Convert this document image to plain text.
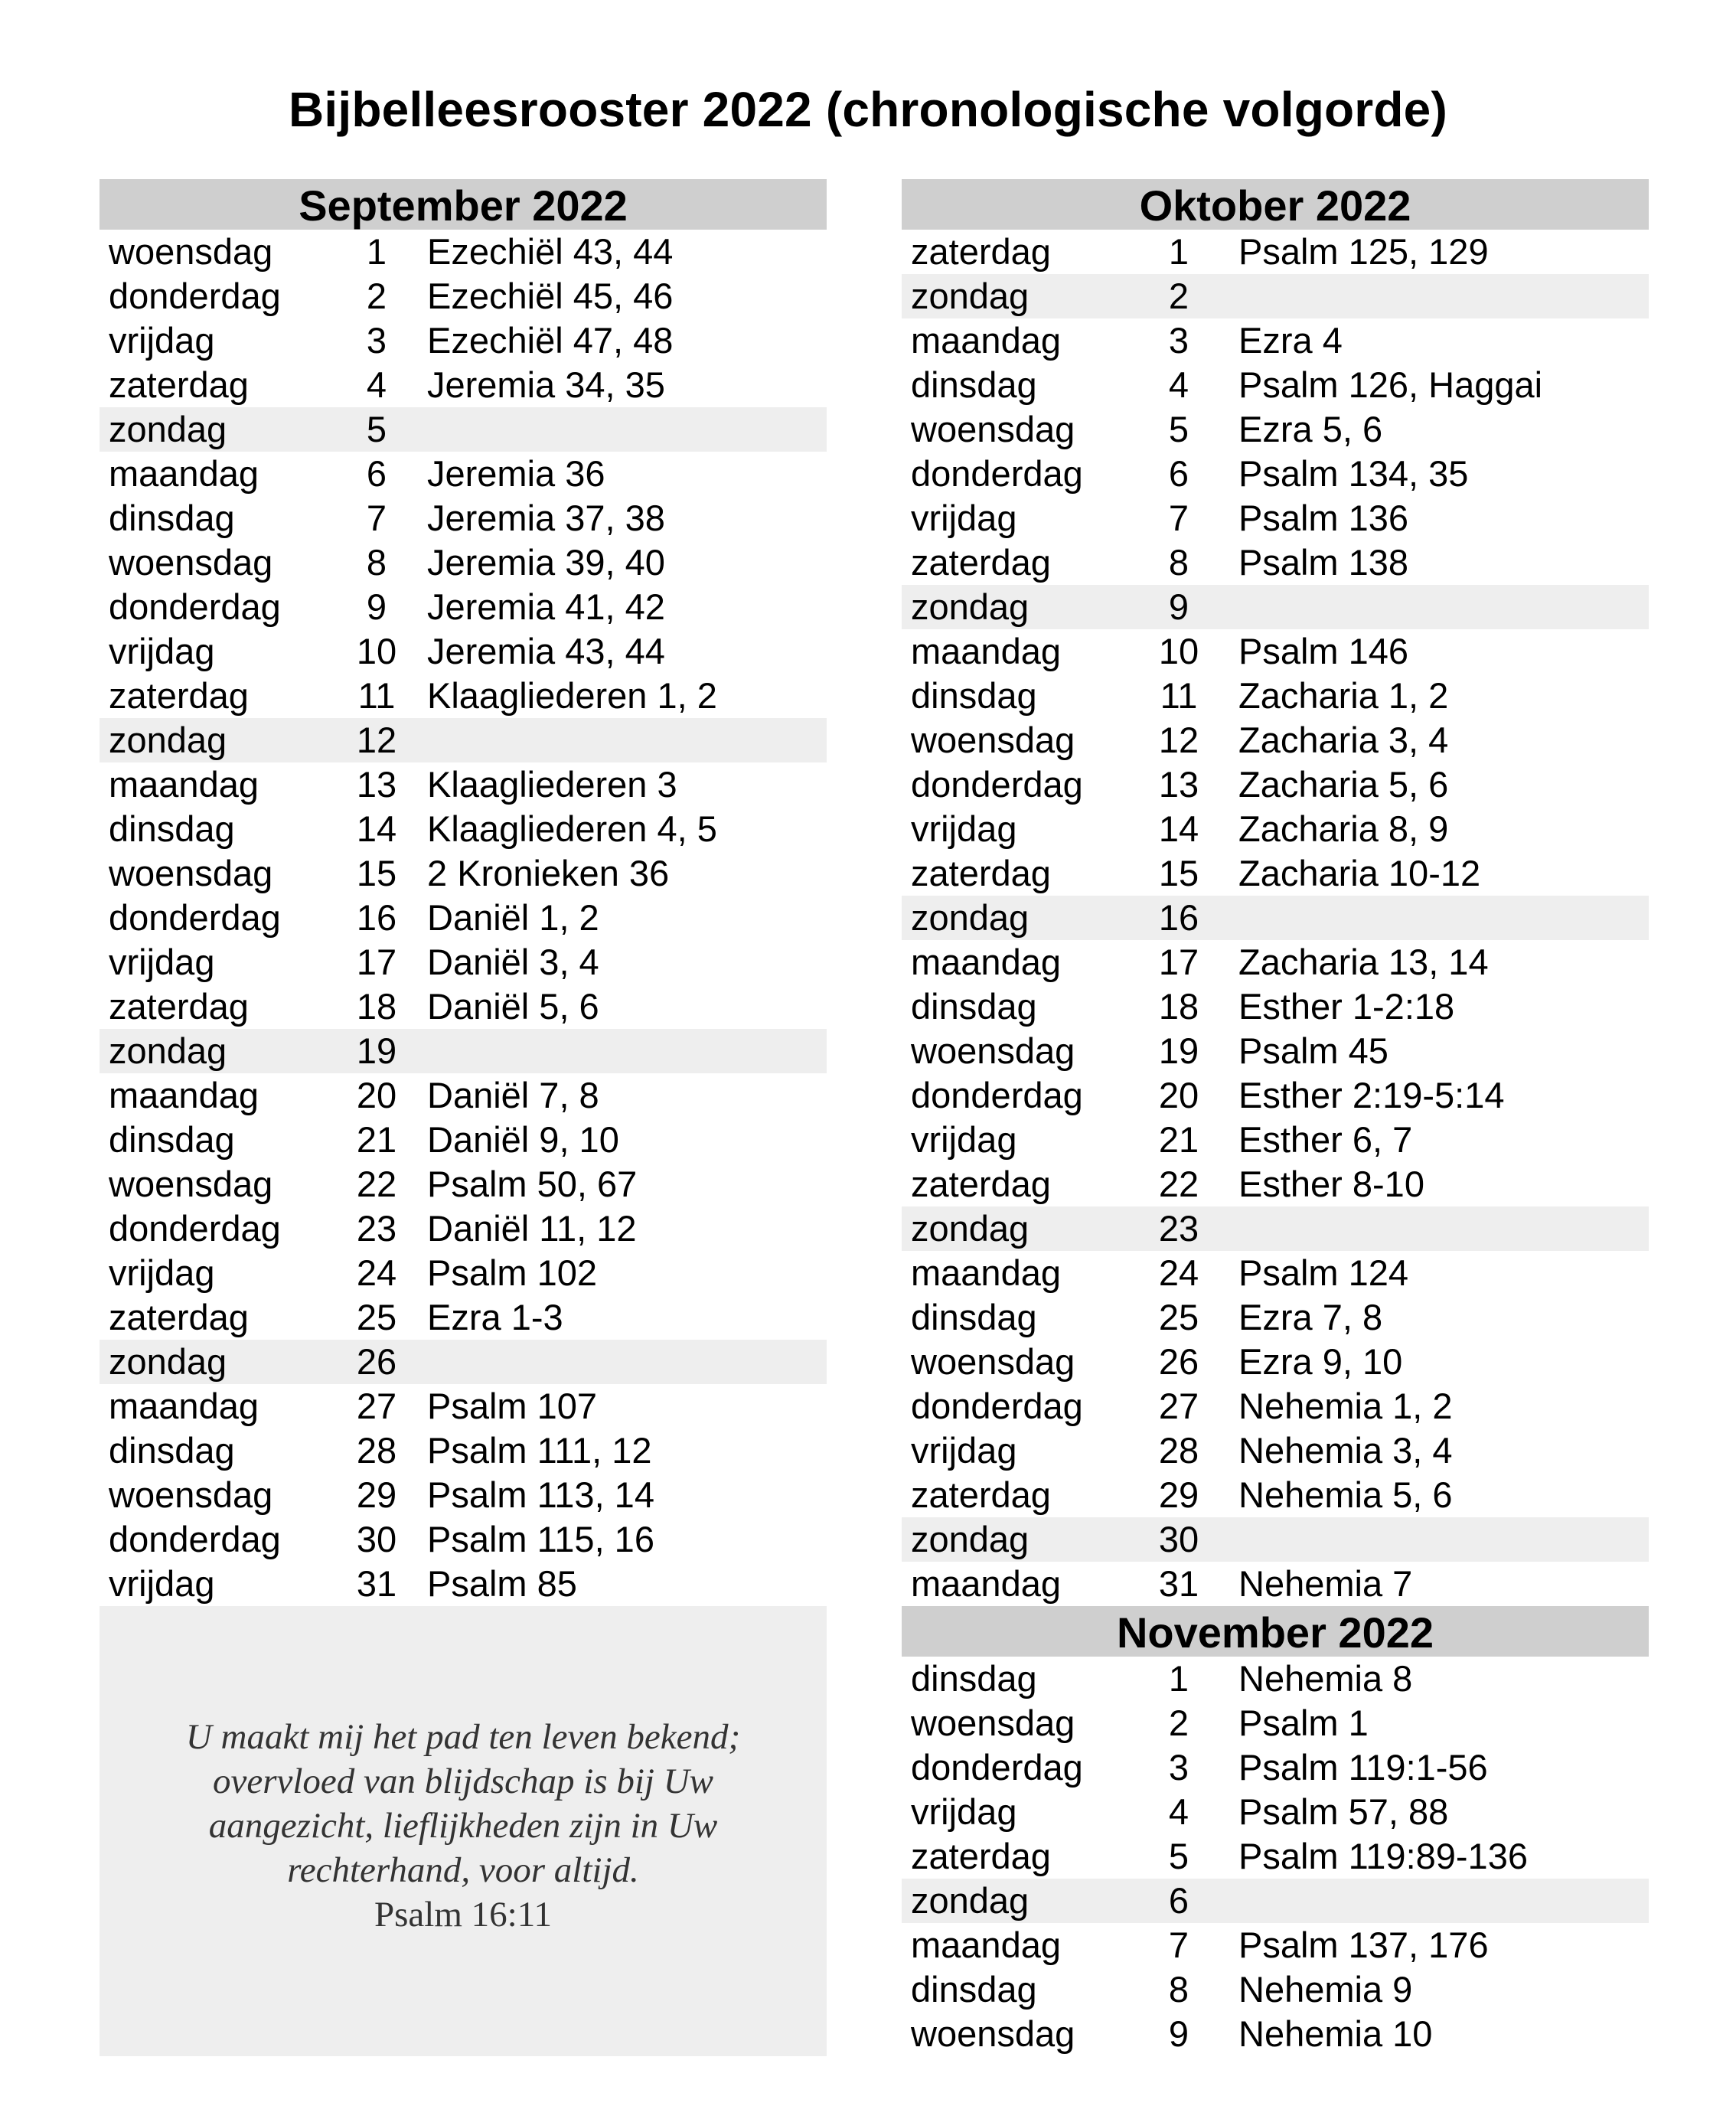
Bijbelleesrooster 2022 (chronologische volgorde)
September 2022
woensdag	1 Ezechiël 43, 44
donderdag 2 Ezechiël 45, 46
vrijdag	3 Ezechiël 47, 48
zaterdag	4 Jeremia 34, 35
zondag	5
maandag	6 Jeremia 36
dinsdag	7 Jeremia 37, 38
woensdag	8 Jeremia 39, 40
donderdag 9 Jeremia 41, 42
vrijdag	10 Jeremia 43, 44
zaterdag	11 Klaagliederen 1, 2
zondag	12
maandag	13 Klaagliederen 3
dinsdag	14 Klaagliederen 4, 5
woensdag 15 2 Kronieken 36
donderdag 16 Daniël 1, 2
vrijdag	17 Daniël 3, 4
zaterdag	18 Daniël 5, 6
zondag	19
maandag	20 Daniël 7, 8
dinsdag	21 Daniël 9, 10
woensdag 22 Psalm 50, 67
donderdag 23 Daniël 11, 12
vrijdag	24 Psalm 102
zaterdag	25 Ezra 1-3
zondag	26
maandag	27 Psalm 107
dinsdag	28 Psalm 111, 12
woensdag 29 Psalm 113, 14
donderdag 30 Psalm 115, 16
vrijdag	31 Psalm 85
Oktober 2022
zaterdag	1 Psalm 125, 129
zondag	2
maandag	3 Ezra 4
dinsdag	4 Psalm 126, Haggai
woensdag	5 Ezra 5, 6
donderdag 6 Psalm 134, 35
vrijdag	7 Psalm 136
zaterdag	8 Psalm 138
zondag	9
maandag	10 Psalm 146
dinsdag	11 Zacharia 1, 2
woensdag 12 Zacharia 3, 4
donderdag 13 Zacharia 5, 6
vrijdag	14 Zacharia 8, 9
zaterdag	15 Zacharia 10-12
zondag	16
maandag	17 Zacharia 13, 14
dinsdag	18 Esther 1-2:18
woensdag 19 Psalm 45
donderdag 20 Esther 2:19-5:14
vrijdag	21 Esther 6, 7
zaterdag	22 Esther 8-10
zondag	23
maandag	24 Psalm 124
dinsdag	25 Ezra 7, 8
woensdag 26 Ezra 9, 10
donderdag 27 Nehemia 1, 2
vrijdag	28 Nehemia 3, 4
zaterdag	29 Nehemia 5, 6
zondag	30
maandag	31 Nehemia 7
November 2022
dinsdag	1 Nehemia 8
woensdag	2 Psalm 1
donderdag 3 Psalm 119:1-56
vrijdag	4 Psalm 57, 88
zaterdag	5 Psalm 119:89-136
zondag	6
maandag	7 Psalm 137, 176
dinsdag	8 Nehemia 9
woensdag	9 Nehemia 10
U maakt mij het pad ten leven bekend;
overvloed van blijdschap is bij Uw
aangezicht, lieflijkheden zijn in Uw
rechterhand, voor altijd.
Psalm 16:11
